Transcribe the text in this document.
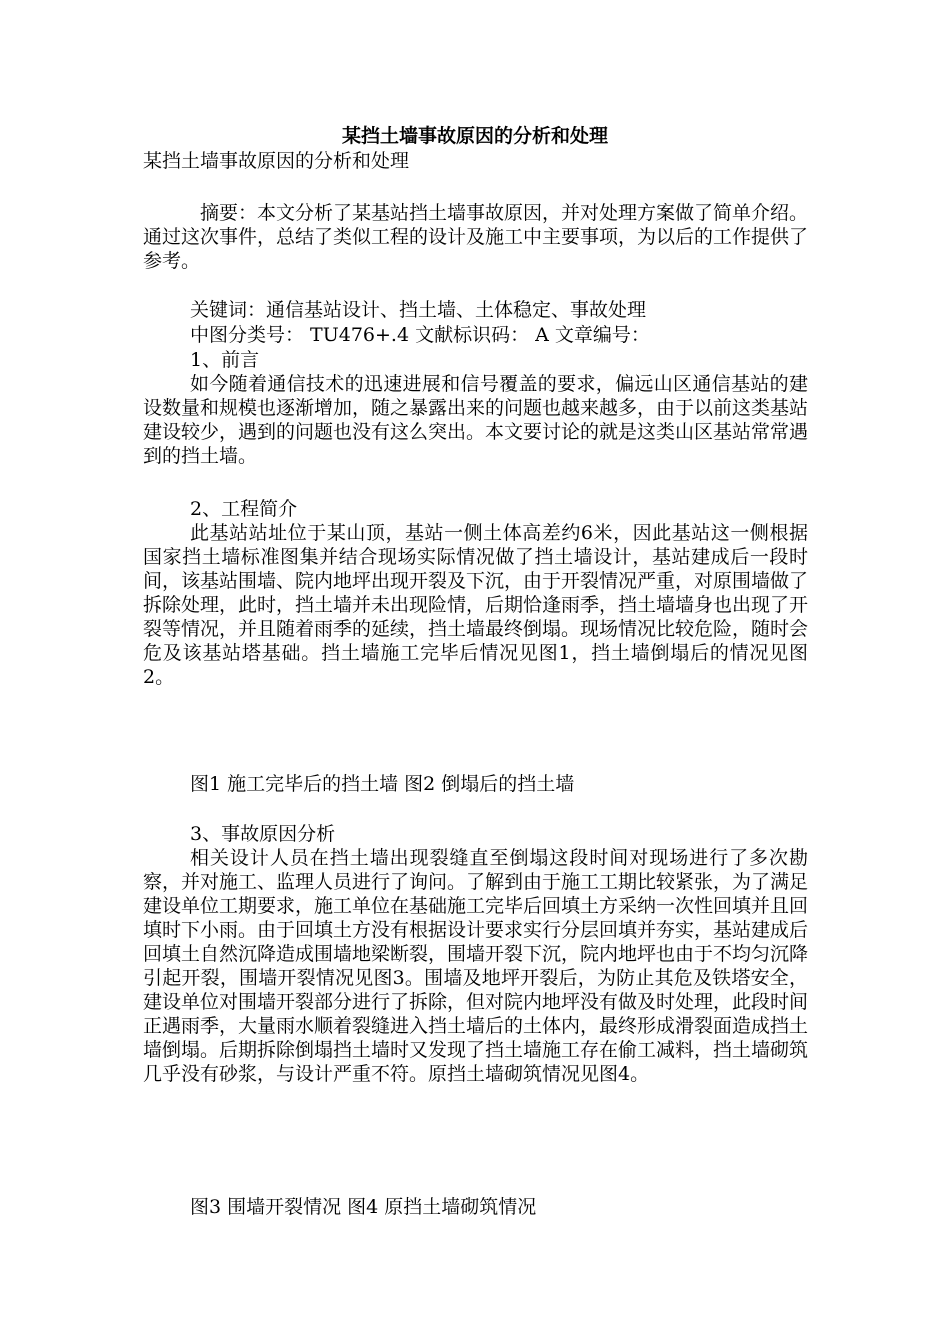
某挡土墙事故原因的分析和处理
某挡土墙事故原因的分析和处理
摘要：本文分析了某基站挡土墙事故原因，并对处理方案做了简单介绍。通过这次事件，总结了类似工程的设计及施工中主要事项，为以后的工作提供了参考。
关键词：通信基站设计、挡土墙、土体稳定、事故处理
中图分类号： TU476+.4 文献标识码： A 文章编号：
1、前言
如今随着通信技术的迅速进展和信号覆盖的要求，偏远山区通信基站的建设数量和规模也逐渐增加，随之暴露出来的问题也越来越多，由于以前这类基站建设较少，遇到的问题也没有这么突出。本文要讨论的就是这类山区基站常常遇到的挡土墙。
2、工程简介
此基站站址位于某山顶，基站一侧土体高差约6米，因此基站这一侧根据国家挡土墙标准图集并结合现场实际情况做了挡土墙设计，基站建成后一段时间，该基站围墙、院内地坪出现开裂及下沉，由于开裂情况严重，对原围墙做了拆除处理，此时，挡土墙并未出现险情，后期恰逢雨季，挡土墙墙身也出现了开裂等情况，并且随着雨季的延续，挡土墙最终倒塌。现场情况比较危险，随时会危及该基站塔基础。挡土墙施工完毕后情况见图1，挡土墙倒塌后的情况见图2。
图1 施工完毕后的挡土墙 图2 倒塌后的挡土墙
3、事故原因分析
相关设计人员在挡土墙出现裂缝直至倒塌这段时间对现场进行了多次勘察，并对施工、监理人员进行了询问。了解到由于施工工期比较紧张，为了满足建设单位工期要求，施工单位在基础施工完毕后回填土方采纳一次性回填并且回填时下小雨。由于回填土方没有根据设计要求实行分层回填并夯实，基站建成后回填土自然沉降造成围墙地梁断裂，围墙开裂下沉，院内地坪也由于不均匀沉降引起开裂，围墙开裂情况见图3。围墙及地坪开裂后，为防止其危及铁塔安全，建设单位对围墙开裂部分进行了拆除，但对院内地坪没有做及时处理，此段时间正遇雨季，大量雨水顺着裂缝进入挡土墙后的土体内，最终形成滑裂面造成挡土墙倒塌。后期拆除倒塌挡土墙时又发现了挡土墙施工存在偷工减料，挡土墙砌筑几乎没有砂浆，与设计严重不符。原挡土墙砌筑情况见图4。
图3 围墙开裂情况 图4 原挡土墙砌筑情况
